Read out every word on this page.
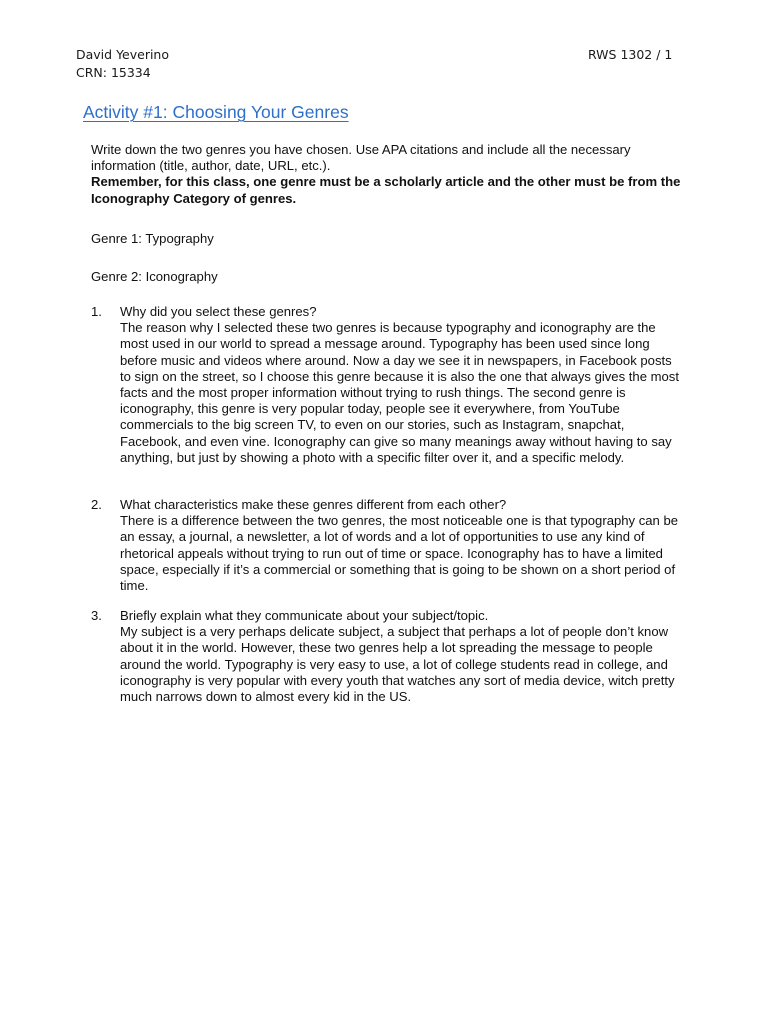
David Yeverino
CRN: 15334
RWS 1302 / 1
Activity #1: Choosing Your Genres
Write down the two genres you have chosen. Use APA citations and include all the necessary information (title, author, date, URL, etc.).
Remember, for this class, one genre must be a scholarly article and the other must be from the Iconography Category of genres.
Genre 1: Typography
Genre 2: Iconography
1. Why did you select these genres?
The reason why I selected these two genres is because typography and iconography are the most used in our world to spread a message around. Typography has been used since long before music and videos where around. Now a day we see it in newspapers, in Facebook posts to sign on the street, so I choose this genre because it is also the one that always gives the most facts and the most proper information without trying to rush things. The second genre is iconography, this genre is very popular today, people see it everywhere, from YouTube commercials to the big screen TV, to even on our stories, such as Instagram, snapchat, Facebook, and even vine. Iconography can give so many meanings away without having to say anything, but just by showing a photo with a specific filter over it, and a specific melody.
2. What characteristics make these genres different from each other?
There is a difference between the two genres, the most noticeable one is that typography can be an essay, a journal, a newsletter, a lot of words and a lot of opportunities to use any kind of rhetorical appeals without trying to run out of time or space. Iconography has to have a limited space, especially if it’s a commercial or something that is going to be shown on a short period of time.
3. Briefly explain what they communicate about your subject/topic.
My subject is a very perhaps delicate subject, a subject that perhaps a lot of people don’t know about it in the world. However, these two genres help a lot spreading the message to people around the world. Typography is very easy to use, a lot of college students read in college, and iconography is very popular with every youth that watches any sort of media device, witch pretty much narrows down to almost every kid in the US.
